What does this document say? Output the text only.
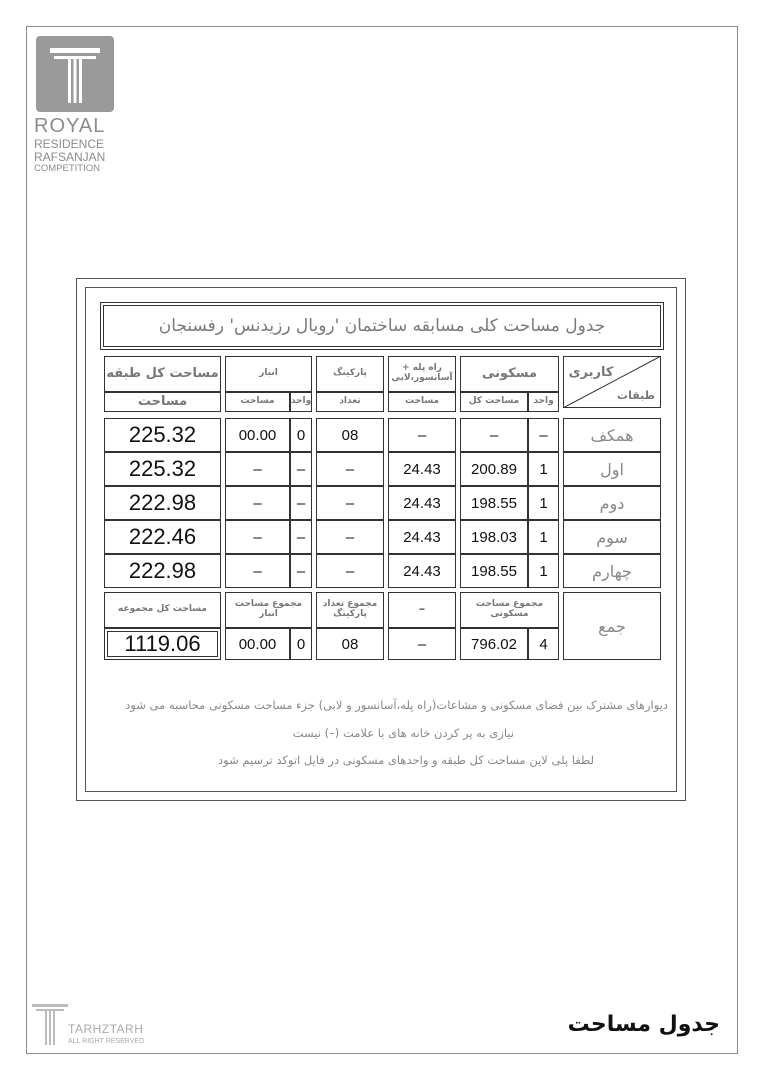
ROYAL
RESIDENCE
RAFSANJAN
COMPETITION
جدول مساحت کلی مسابقه ساختمان 'رویال رزیدنس' رفسنجان
کاربری
طبقات
مسکونی
واحد
مساحت کل
راه پله + آسانسور،لابی
مساحت
پارکینگ
تعداد
انبار
واحد
مساحت
مساحت کل طبقه
مساحت
همکف
–
–
–
08
0
00.00
225.32
اول
1
200.89
24.43
–
–
–
225.32
دوم
1
198.55
24.43
–
–
–
222.98
سوم
1
198.03
24.43
–
–
–
222.46
چهارم
1
198.55
24.43
–
–
–
222.98
جمع
مجموع مساحت مسکونی
–
مجموع تعداد پارکینگ
مجموع مساحت انبار
مساحت کل مجموعه
4
796.02
–
08
0
00.00
1119.06
دیوارهای مشترک بین فضای مسکونی و مشاعات(راه پله،آسانسور و لابی) جزء مساحت مسکونی محاسبه می شود
نیازی به پر کردن خانه های با علامت (–) نیست
لطفا پلی لاین مساحت کل طبقه و واحدهای مسکونی در فایل اتوکد ترسیم شود
جدول مساحت
TARHZTARH
ALL RIGHT RESERVED
